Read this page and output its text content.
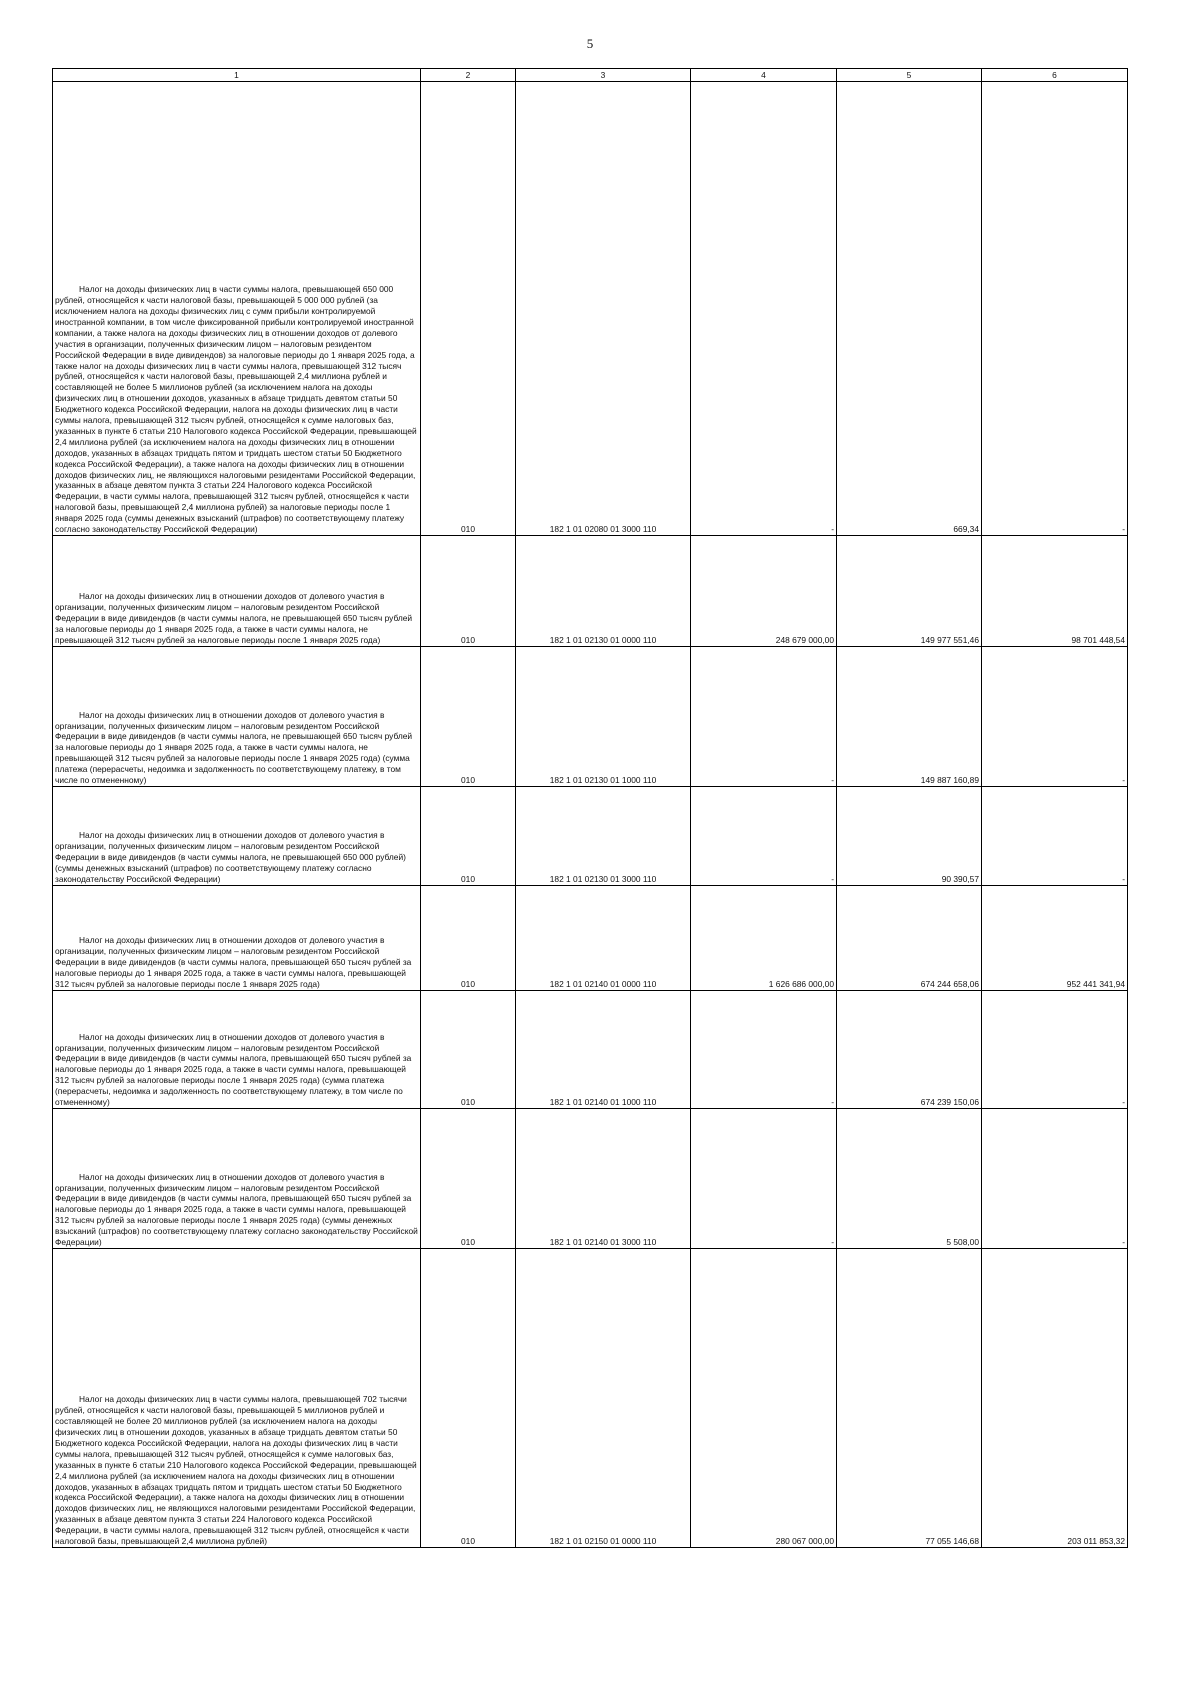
5
1	2	3	4	5	6
Налог на доходы физических лиц в части суммы налога, превышающей 650 000 рублей, относящейся к части налоговой базы, превышающей 5 000 000 рублей (за исключением налога на доходы физических лиц с сумм прибыли контролируемой иностранной компании, в том числе фиксированной прибыли контролируемой иностранной компании, а также налога на доходы физических лиц в отношении доходов от долевого участия в организации, полученных физическим лицом – налоговым резидентом Российской Федерации в виде дивидендов) за налоговые периоды до 1 января 2025 года, а также налог на доходы физических лиц в части суммы налога, превышающей 312 тысяч рублей, относящейся к части налоговой базы, превышающей 2,4 миллиона рублей и составляющей не более 5 миллионов рублей (за исключением налога на доходы физических лиц в отношении доходов, указанных в абзаце тридцать девятом статьи 50 Бюджетного кодекса Российской Федерации, налога на доходы физических лиц в части суммы налога, превышающей 312 тысяч рублей, относящейся к сумме налоговых баз, указанных в пункте 6 статьи 210 Налогового кодекса Российской Федерации, превышающей 2,4 миллиона рублей (за исключением налога на доходы физических лиц в отношении доходов, указанных в абзацах тридцать пятом и тридцать шестом статьи 50 Бюджетного кодекса Российской Федерации), а также налога на доходы физических лиц в отношении доходов физических лиц, не являющихся налоговыми резидентами Российской Федерации, указанных в абзаце девятом пункта 3 статьи 224 Налогового кодекса Российской Федерации, в части суммы налога, превышающей 312 тысяч рублей, относящейся к части налоговой базы, превышающей 2,4 миллиона рублей) за налоговые периоды после 1 января 2025 года (суммы денежных взысканий (штрафов) по соответствующему платежу согласно законодательству Российской Федерации)	010	182 1 01 02080 01 3000 110	-	669,34	-
Налог на доходы физических лиц в отношении доходов от долевого участия в организации, полученных физическим лицом – налоговым резидентом Российской Федерации в виде дивидендов (в части суммы налога, не превышающей 650 тысяч рублей за налоговые периоды до 1 января 2025 года, а также в части суммы налога, не превышающей 312 тысяч рублей за налоговые периоды после 1 января 2025 года)	010	182 1 01 02130 01 0000 110	248 679 000,00	149 977 551,46	98 701 448,54
Налог на доходы физических лиц в отношении доходов от долевого участия в организации, полученных физическим лицом – налоговым резидентом Российской Федерации в виде дивидендов (в части суммы налога, не превышающей 650 тысяч рублей за налоговые периоды до 1 января 2025 года, а также в части суммы налога, не превышающей 312 тысяч рублей за налоговые периоды после 1 января 2025 года) (сумма платежа (перерасчеты, недоимка и задолженность по соответствующему платежу, в том числе по отмененному)	010	182 1 01 02130 01 1000 110	-	149 887 160,89	-
Налог на доходы физических лиц в отношении доходов от долевого участия в организации, полученных физическим лицом – налоговым резидентом Российской Федерации в виде дивидендов (в части суммы налога, не превышающей 650 000 рублей) (суммы денежных взысканий (штрафов) по соответствующему платежу согласно законодательству Российской Федерации)	010	182 1 01 02130 01 3000 110	-	90 390,57	-
Налог на доходы физических лиц в отношении доходов от долевого участия в организации, полученных физическим лицом – налоговым резидентом Российской Федерации в виде дивидендов (в части суммы налога, превышающей 650 тысяч рублей за налоговые периоды до 1 января 2025 года, а также в части суммы налога, превышающей 312 тысяч рублей за налоговые периоды после 1 января 2025 года)	010	182 1 01 02140 01 0000 110	1 626 686 000,00	674 244 658,06	952 441 341,94
Налог на доходы физических лиц в отношении доходов от долевого участия в организации, полученных физическим лицом – налоговым резидентом Российской Федерации в виде дивидендов (в части суммы налога, превышающей 650 тысяч рублей за налоговые периоды до 1 января 2025 года, а также в части суммы налога, превышающей 312 тысяч рублей за налоговые периоды после 1 января 2025 года) (сумма платежа (перерасчеты, недоимка и задолженность по соответствующему платежу, в том числе по отмененному)	010	182 1 01 02140 01 1000 110	-	674 239 150,06	-
Налог на доходы физических лиц в отношении доходов от долевого участия в организации, полученных физическим лицом – налоговым резидентом Российской Федерации в виде дивидендов (в части суммы налога, превышающей 650 тысяч рублей за налоговые периоды до 1 января 2025 года, а также в части суммы налога, превышающей 312 тысяч рублей за налоговые периоды после 1 января 2025 года) (суммы денежных взысканий (штрафов) по соответствующему платежу согласно законодательству Российской Федерации)	010	182 1 01 02140 01 3000 110	-	5 508,00	-
Налог на доходы физических лиц в части суммы налога, превышающей 702 тысячи рублей, относящейся к части налоговой базы, превышающей 5 миллионов рублей и составляющей не более 20 миллионов рублей (за исключением налога на доходы физических лиц в отношении доходов, указанных в абзаце тридцать девятом статьи 50 Бюджетного кодекса Российской Федерации, налога на доходы физических лиц в части суммы налога, превышающей 312 тысяч рублей, относящейся к сумме налоговых баз, указанных в пункте 6 статьи 210 Налогового кодекса Российской Федерации, превышающей 2,4 миллиона рублей (за исключением налога на доходы физических лиц в отношении доходов, указанных в абзацах тридцать пятом и тридцать шестом статьи 50 Бюджетного кодекса Российской Федерации), а также налога на доходы физических лиц в отношении доходов физических лиц, не являющихся налоговыми резидентами Российской Федерации, указанных в абзаце девятом пункта 3 статьи 224 Налогового кодекса Российской Федерации, в части суммы налога, превышающей 312 тысяч рублей, относящейся к части налоговой базы, превышающей 2,4 миллиона рублей)	010	182 1 01 02150 01 0000 110	280 067 000,00	77 055 146,68	203 011 853,32
